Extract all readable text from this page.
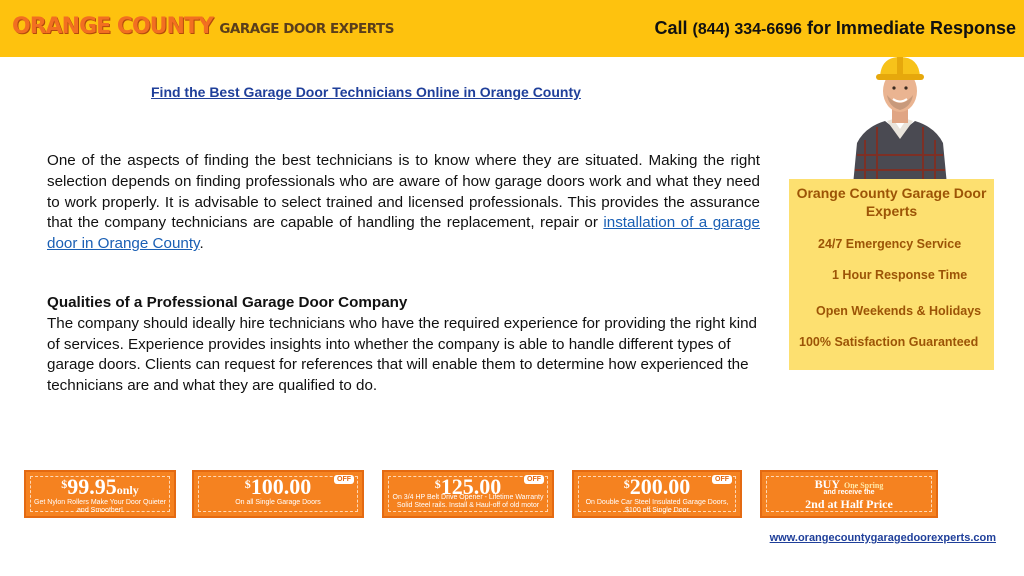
ORANGE COUNTY GARAGE DOOR EXPERTS	Call (844) 334-6696 for Immediate Response
Find the Best Garage Door Technicians Online in Orange County

One of the aspects of finding the best technicians is to know where they are situated. Making the right selection depends on finding professionals who are aware of how garage doors work and what they need to work properly. It is advisable to select trained and licensed professionals. This provides the assurance that the company technicians are capable of handling the replacement, repair or installation of a garage door in Orange County.

Qualities of a Professional Garage Door Company

The company should ideally hire technicians who have the required experience for providing the right kind of services. Experience provides insights into whether the company is able to handle different types of garage doors. Clients can request for references that will enable them to determine how experienced the technicians are and what they are qualified to do.

Orange County Garage Door Experts
24/7 Emergency Service
1 Hour Response Time
Open Weekends & Holidays
100% Satisfaction Guaranteed
$99.95only
Get Nylon Rollers Make Your Door Quieter and Smoother!
$100.00	OFF
On all Single Garage Doors
$125.00	OFF
On 3/4 HP Belt Drive Opener - Lifetime Warranty Solid Steel rails. Install & Haul-off of old motor
$200.00	OFF
On Double Car Steel Insulated Garage Doors, $100 off Single Door
BUY One Spring
and receive the
2nd at Half Price
www.orangecountygaragedoorexperts.com
